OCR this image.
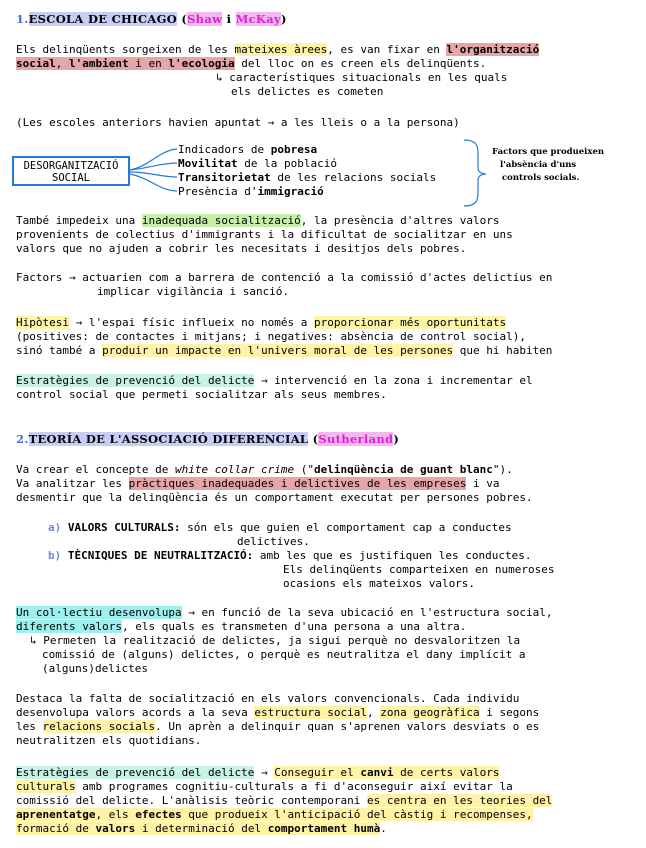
1.ESCOLA DE CHICAGO (Shaw i McKay)
Els delinqüents sorgeixen de les mateixes àrees, es van fixar en l'organització
social, l'ambient i en l'ecologia del lloc on es creen els delinqüents.
↳ característiques situacionals en les quals
els delictes es cometen
(Les escoles anteriors havien apuntat → a les lleis o a la persona)
DESORGANITZACIÓ
SOCIAL
Indicadors de pobresa
Movilitat de la població
Transitorietat de les relacions socials
Presència d'immigració
Factors que produeixen
l'absència d'uns
controls socials.
També impedeix una inadequada socialització, la presència d'altres valors
provenients de colectius d'immigrants i la dificultat de socialitzar en uns
valors que no ajuden a cobrir les necesitats i desitjos dels pobres.
Factors → actuarien com a barrera de contenció a la comissió d'actes delictius en
implicar vigilància i sanció.
Hipòtesi → l'espai físic influeix no només a proporcionar més oportunitats
(positives: de contactes i mitjans; i negatives: absència de control social),
sinó també a produir un impacte en l'univers moral de les persones que hi habiten
Estratègies de prevenció del delicte → intervenció en la zona i incrementar el
control social que permeti socialitzar als seus membres.
2.TEORÍA DE L'ASSOCIACIÓ DIFERENCIAL (Sutherland)
Va crear el concepte de white collar crime ("delinqüència de guant blanc").
Va analitzar les pràctiques inadequades i delictives de les empreses i va
desmentir que la delinqüència és un comportament executat per persones pobres.
a) VALORS CULTURALS: són els que guien el comportament cap a conductes
delictives.
b) TÈCNIQUES DE NEUTRALITZACIÓ: amb les que es justifiquen les conductes.
Els delinqüents comparteixen en numeroses
ocasions els mateixos valors.
Un col·lectiu desenvolupa → en funció de la seva ubicació en l'estructura social,
diferents valors, els quals es transmeten d'una persona a una altra.
↳ Permeten la realització de delictes, ja sigui perquè no desvaloritzen la
comissió de (alguns) delictes, o perquè es neutralitza el dany implícit a
(alguns)delictes
Destaca la falta de socialització en els valors convencionals. Cada individu
desenvolupa valors acords a la seva estructura social, zona geogràfica i segons
les relacions socials. Un aprèn a delinquir quan s'aprenen valors desviats o es
neutralitzen els quotidians.
Estratègies de prevenció del delicte → Conseguir el canvi de certs valors
culturals amb programes cognitiu-culturals a fi d'aconseguir així evitar la
comissió del delicte. L'anàlisis teòric contemporani es centra en les teories del
aprenentatge, els efectes que produeix l'anticipació del càstig i recompenses,
formació de valors i determinació del comportament humà.
